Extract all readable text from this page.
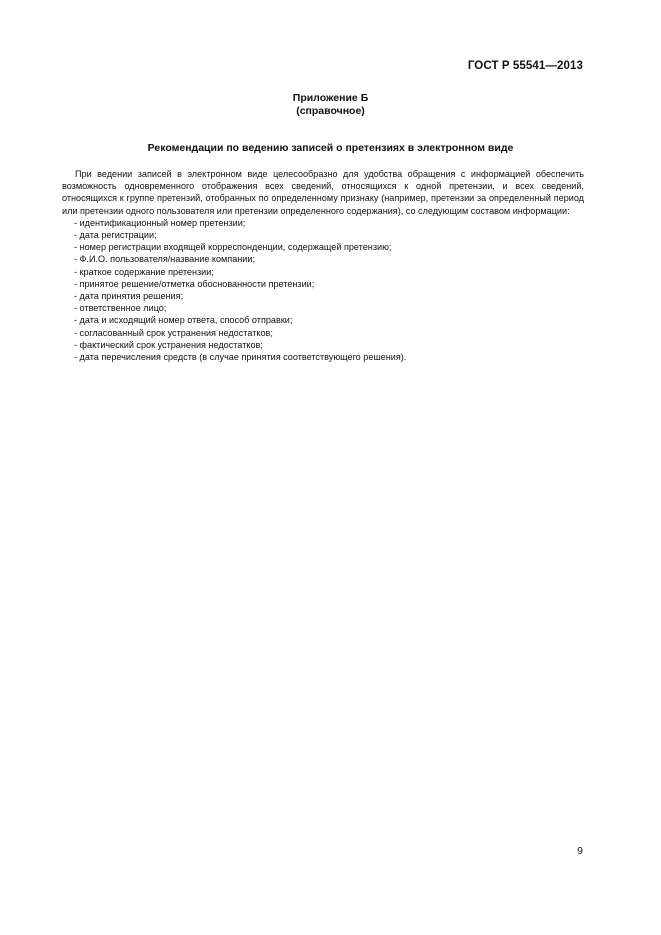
ГОСТ Р 55541—2013
Приложение Б
(справочное)
Рекомендации по ведению записей о претензиях в электронном виде

При ведении записей в электронном виде целесообразно для удобства обращения с информацией обеспечить возможность одновременного отображения всех сведений, относящихся к одной претензии, и всех сведений, относящихся к группе претензий, отобранных по определенному признаку (например, претензии за определенный период или претензии одного пользователя или претензии определенного содержания), со следующим составом информации:

- идентификационный номер претензии;
- дата регистрации;
- номер регистрации входящей корреспонденции, содержащей претензию;
- Ф.И.О. пользователя/название компании;
- краткое содержание претензии;
- принятое решение/отметка обоснованности претензии;
- дата принятия решения;
- ответственное лицо;
- дата и исходящий номер ответа, способ отправки;
- согласованный срок устранения недостатков;
- фактический срок устранения недостатков;
- дата перечисления средств (в случае принятия соответствующего решения).
9
